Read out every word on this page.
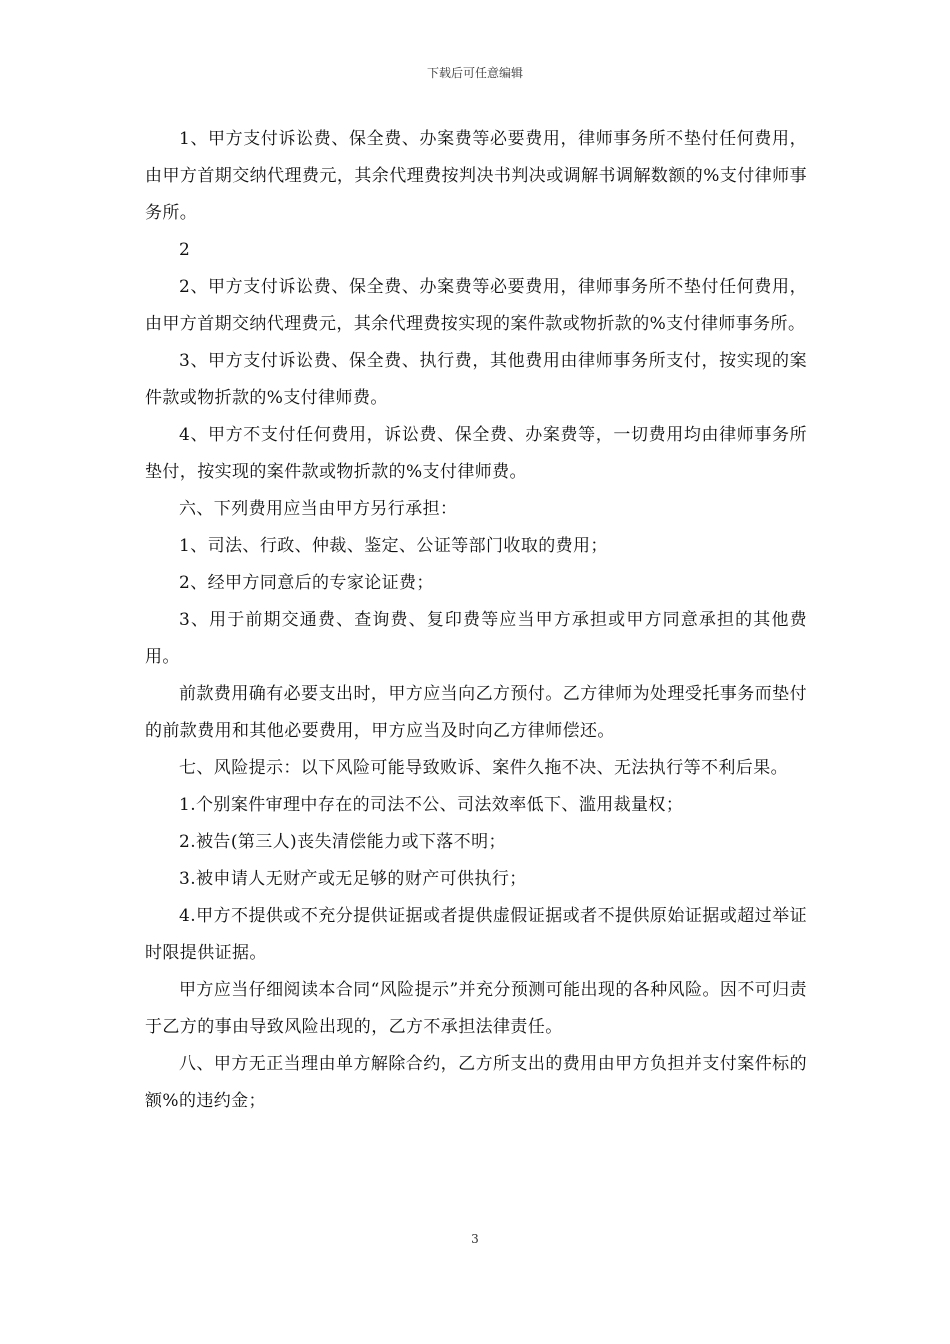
下载后可任意编辑

1、甲方支付诉讼费、保全费、办案费等必要费用，律师事务所不垫付任何费用，由甲方首期交纳代理费元，其余代理费按判决书判决或调解书调解数额的%支付律师事务所。

2

2、甲方支付诉讼费、保全费、办案费等必要费用，律师事务所不垫付任何费用，由甲方首期交纳代理费元，其余代理费按实现的案件款或物折款的%支付律师事务所。

3、甲方支付诉讼费、保全费、执行费，其他费用由律师事务所支付，按实现的案件款或物折款的%支付律师费。

4、甲方不支付任何费用，诉讼费、保全费、办案费等，一切费用均由律师事务所垫付，按实现的案件款或物折款的%支付律师费。

六、下列费用应当由甲方另行承担：

1、司法、行政、仲裁、鉴定、公证等部门收取的费用；

2、经甲方同意后的专家论证费；

3、用于前期交通费、查询费、复印费等应当甲方承担或甲方同意承担的其他费用。

前款费用确有必要支出时，甲方应当向乙方预付。乙方律师为处理受托事务而垫付的前款费用和其他必要费用，甲方应当及时向乙方律师偿还。

七、风险提示：以下风险可能导致败诉、案件久拖不决、无法执行等不利后果。

1.个别案件审理中存在的司法不公、司法效率低下、滥用裁量权；

2.被告(第三人)丧失清偿能力或下落不明；

3.被申请人无财产或无足够的财产可供执行；

4.甲方不提供或不充分提供证据或者提供虚假证据或者不提供原始证据或超过举证时限提供证据。

甲方应当仔细阅读本合同“风险提示”并充分预测可能出现的各种风险。因不可归责于乙方的事由导致风险出现的，乙方不承担法律责任。

八、甲方无正当理由单方解除合约，乙方所支出的费用由甲方负担并支付案件标的额%的违约金；

3
